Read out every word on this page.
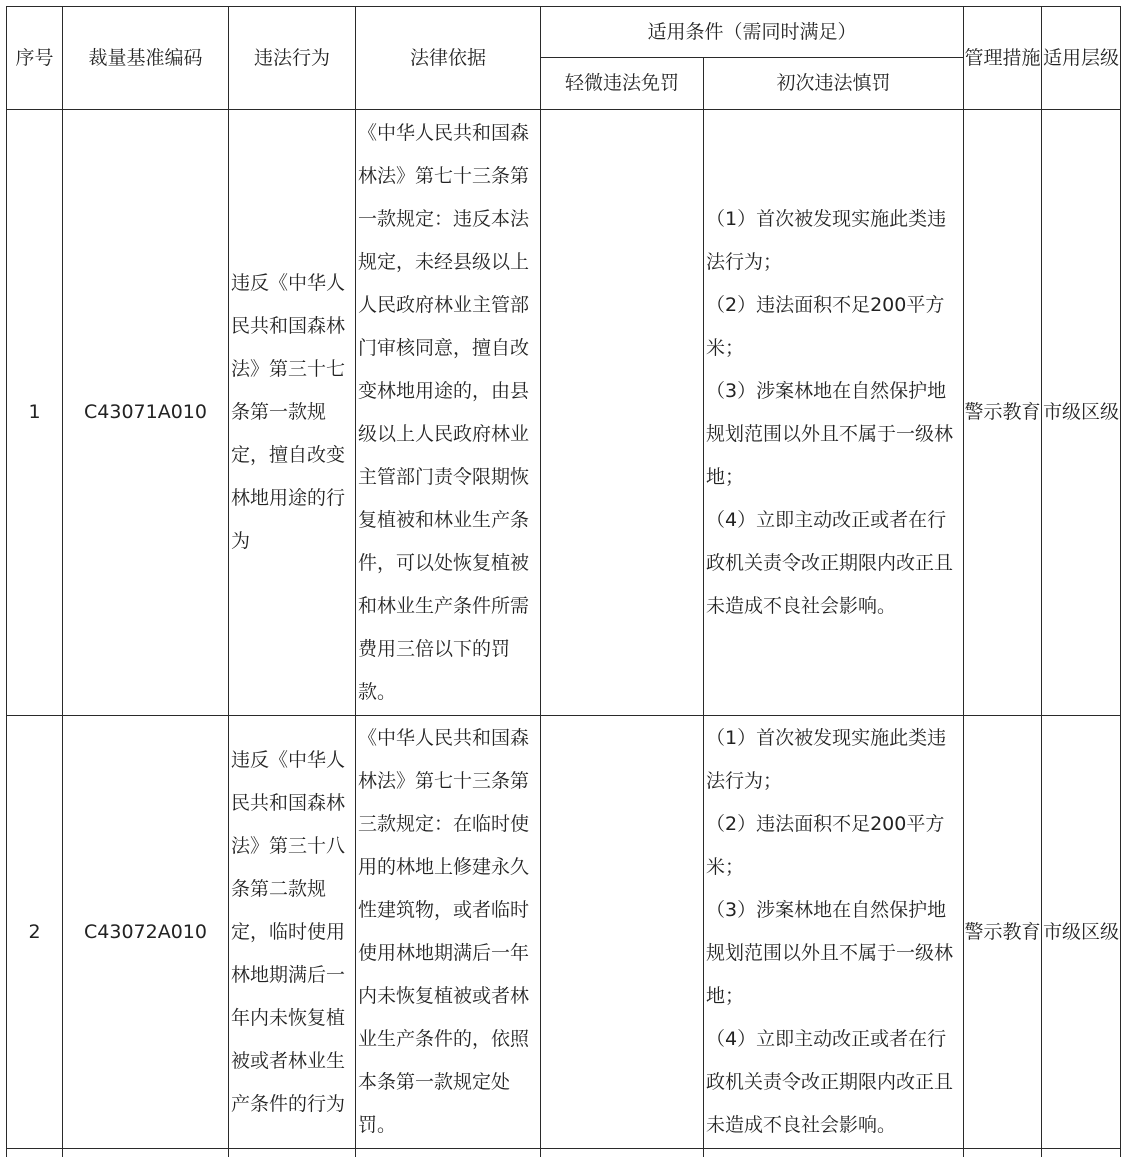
序号	裁量基准编码	违法行为	法律依据	适用条件（需同时满足）		管理措施	适用层级
				轻微违法免罚	初次违法慎罚		
1	C43071A010	违反《中华人民共和国森林法》第三十七条第一款规定，擅自改变林地用途的行为	《中华人民共和国森林法》第七十三条第一款规定：违反本法规定，未经县级以上人民政府林业主管部门审核同意，擅自改变林地用途的，由县级以上人民政府林业主管部门责令限期恢复植被和林业生产条件，可以处恢复植被和林业生产条件所需费用三倍以下的罚款。		（1）首次被发现实施此类违法行为；

（2）违法面积不足200平方米；

（3）涉案林地在自然保护地规划范围以外且不属于一级林地；

（4）立即主动改正或者在行政机关责令改正期限内改正且未造成不良社会影响。	警示教育	市级区级
2	C43072A010	违反《中华人民共和国森林法》第三十八条第二款规定，临时使用林地期满后一年内未恢复植被或者林业生产条件的行为	《中华人民共和国森林法》第七十三条第三款规定：在临时使用的林地上修建永久性建筑物，或者临时使用林地期满后一年内未恢复植被或者林业生产条件的，依照本条第一款规定处罚。		（1）首次被发现实施此类违法行为；

（2）违法面积不足200平方米；

（3）涉案林地在自然保护地规划范围以外且不属于一级林地；

（4）立即主动改正或者在行政机关责令改正期限内改正且未造成不良社会影响。	警示教育	市级区级
